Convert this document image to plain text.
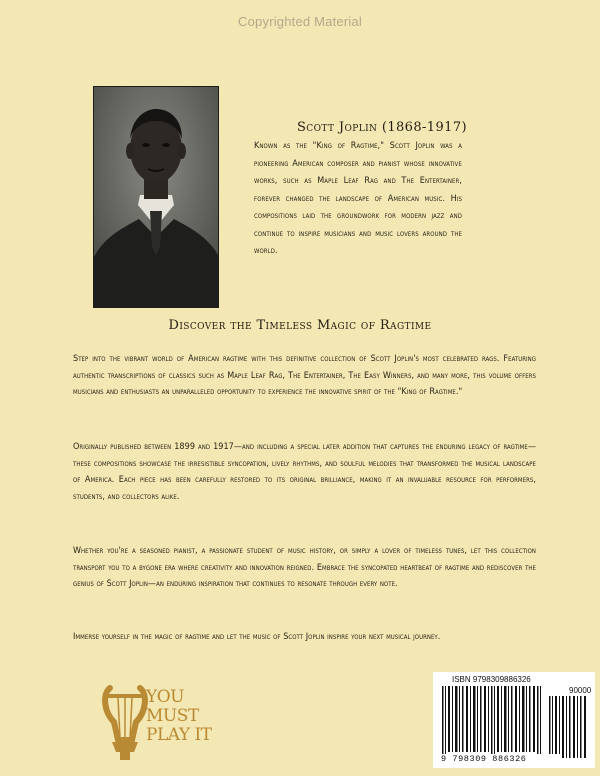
Copyrighted Material
Scott Joplin (1868-1917)
Known as the "King of Ragtime," Scott Joplin was a pioneering American composer and pianist whose innovative works, such as Maple Leaf Rag and The Entertainer, forever changed the landscape of American music. His compositions laid the groundwork for modern jazz and continue to inspire musicians and music lovers around the world.
Discover the Timeless Magic of Ragtime
Step into the vibrant world of American ragtime with this definitive collection of Scott Joplin's most celebrated rags. Featuring authentic transcriptions of classics such as Maple Leaf Rag, The Entertainer, The Easy Winners, and many more, this volume offers musicians and enthusiasts an unparalleled opportunity to experience the innovative spirit of the "King of Ragtime."
Originally published between 1899 and 1917—and including a special later addition that captures the enduring legacy of ragtime—these compositions showcase the irresistible syncopation, lively rhythms, and soulful melodies that transformed the musical landscape of America. Each piece has been carefully restored to its original brilliance, making it an invaluable resource for performers, students, and collectors alike.
Whether you're a seasoned pianist, a passionate student of music history, or simply a lover of timeless tunes, let this collection transport you to a bygone era where creativity and innovation reigned. Embrace the syncopated heartbeat of ragtime and rediscover the genius of Scott Joplin—an enduring inspiration that continues to resonate through every note.
Immerse yourself in the magic of ragtime and let the music of Scott Joplin inspire your next musical journey.
YOU
MUST
PLAY IT
ISBN 9798309886326
90000
9 798309 886326
